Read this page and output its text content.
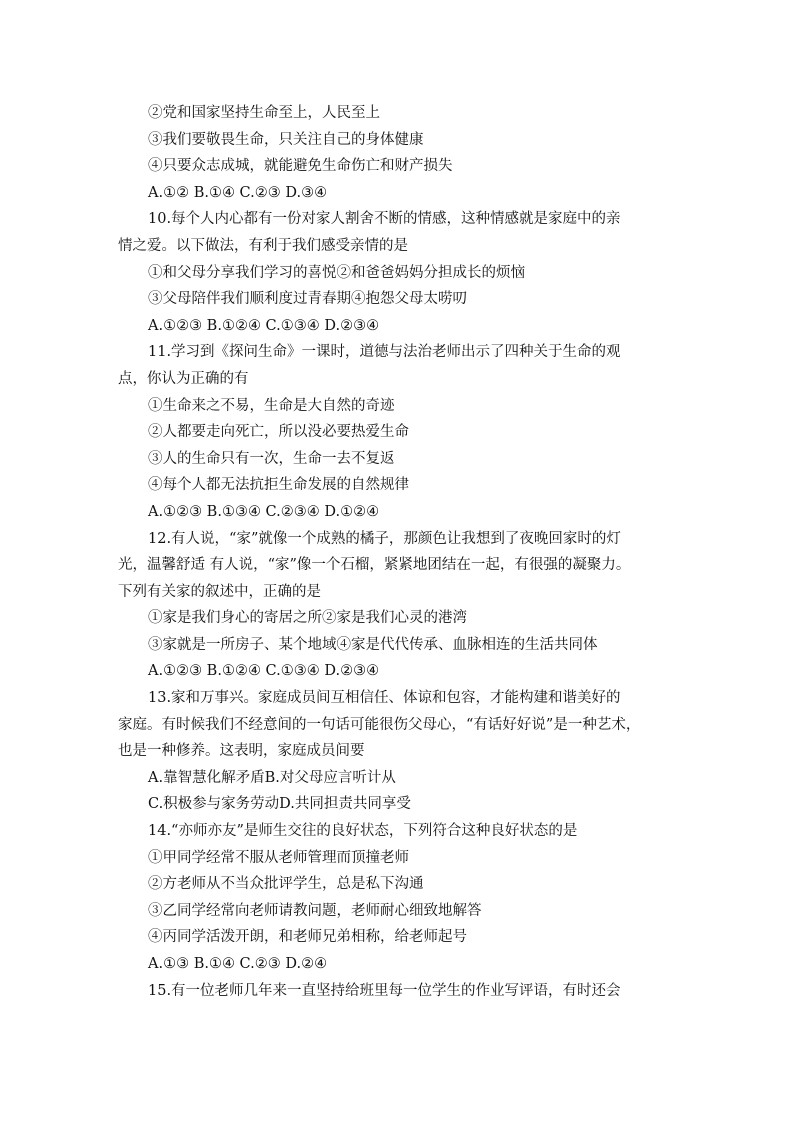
②党和国家坚持生命至上，人民至上
③我们要敬畏生命，只关注自己的身体健康
④只要众志成城，就能避免生命伤亡和财产损失
A.①② B.①④ C.②③ D.③④
10.每个人内心都有一份对家人割舍不断的情感，这种情感就是家庭中的亲
情之爱。以下做法，有利于我们感受亲情的是
①和父母分享我们学习的喜悦②和爸爸妈妈分担成长的烦恼
③父母陪伴我们顺利度过青春期④抱怨父母太唠叨
A.①②③ B.①②④ C.①③④ D.②③④
11.学习到《探问生命》一课时，道德与法治老师出示了四种关于生命的观
点，你认为正确的有
①生命来之不易，生命是大自然的奇迹
②人都要走向死亡，所以没必要热爱生命
③人的生命只有一次，生命一去不复返
④每个人都无法抗拒生命发展的自然规律
A.①②③ B.①③④ C.②③④ D.①②④
12.有人说，“家”就像一个成熟的橘子，那颜色让我想到了夜晚回家时的灯
光，温馨舒适 有人说，“家”像一个石榴，紧紧地团结在一起，有很强的凝聚力。
下列有关家的叙述中，正确的是
①家是我们身心的寄居之所②家是我们心灵的港湾
③家就是一所房子、某个地域④家是代代传承、血脉相连的生活共同体
A.①②③ B.①②④ C.①③④ D.②③④
13.家和万事兴。家庭成员间互相信任、体谅和包容，才能构建和谐美好的
家庭。有时候我们不经意间的一句话可能很伤父母心，“有话好好说”是一种艺术，
也是一种修养。这表明，家庭成员间要
A.靠智慧化解矛盾B.对父母应言听计从
C.积极参与家务劳动D.共同担责共同享受
14.“亦师亦友”是师生交往的良好状态，下列符合这种良好状态的是
①甲同学经常不服从老师管理而顶撞老师
②方老师从不当众批评学生，总是私下沟通
③乙同学经常向老师请教问题，老师耐心细致地解答
④丙同学活泼开朗，和老师兄弟相称，给老师起号
A.①③ B.①④ C.②③ D.②④
15.有一位老师几年来一直坚持给班里每一位学生的作业写评语，有时还会
